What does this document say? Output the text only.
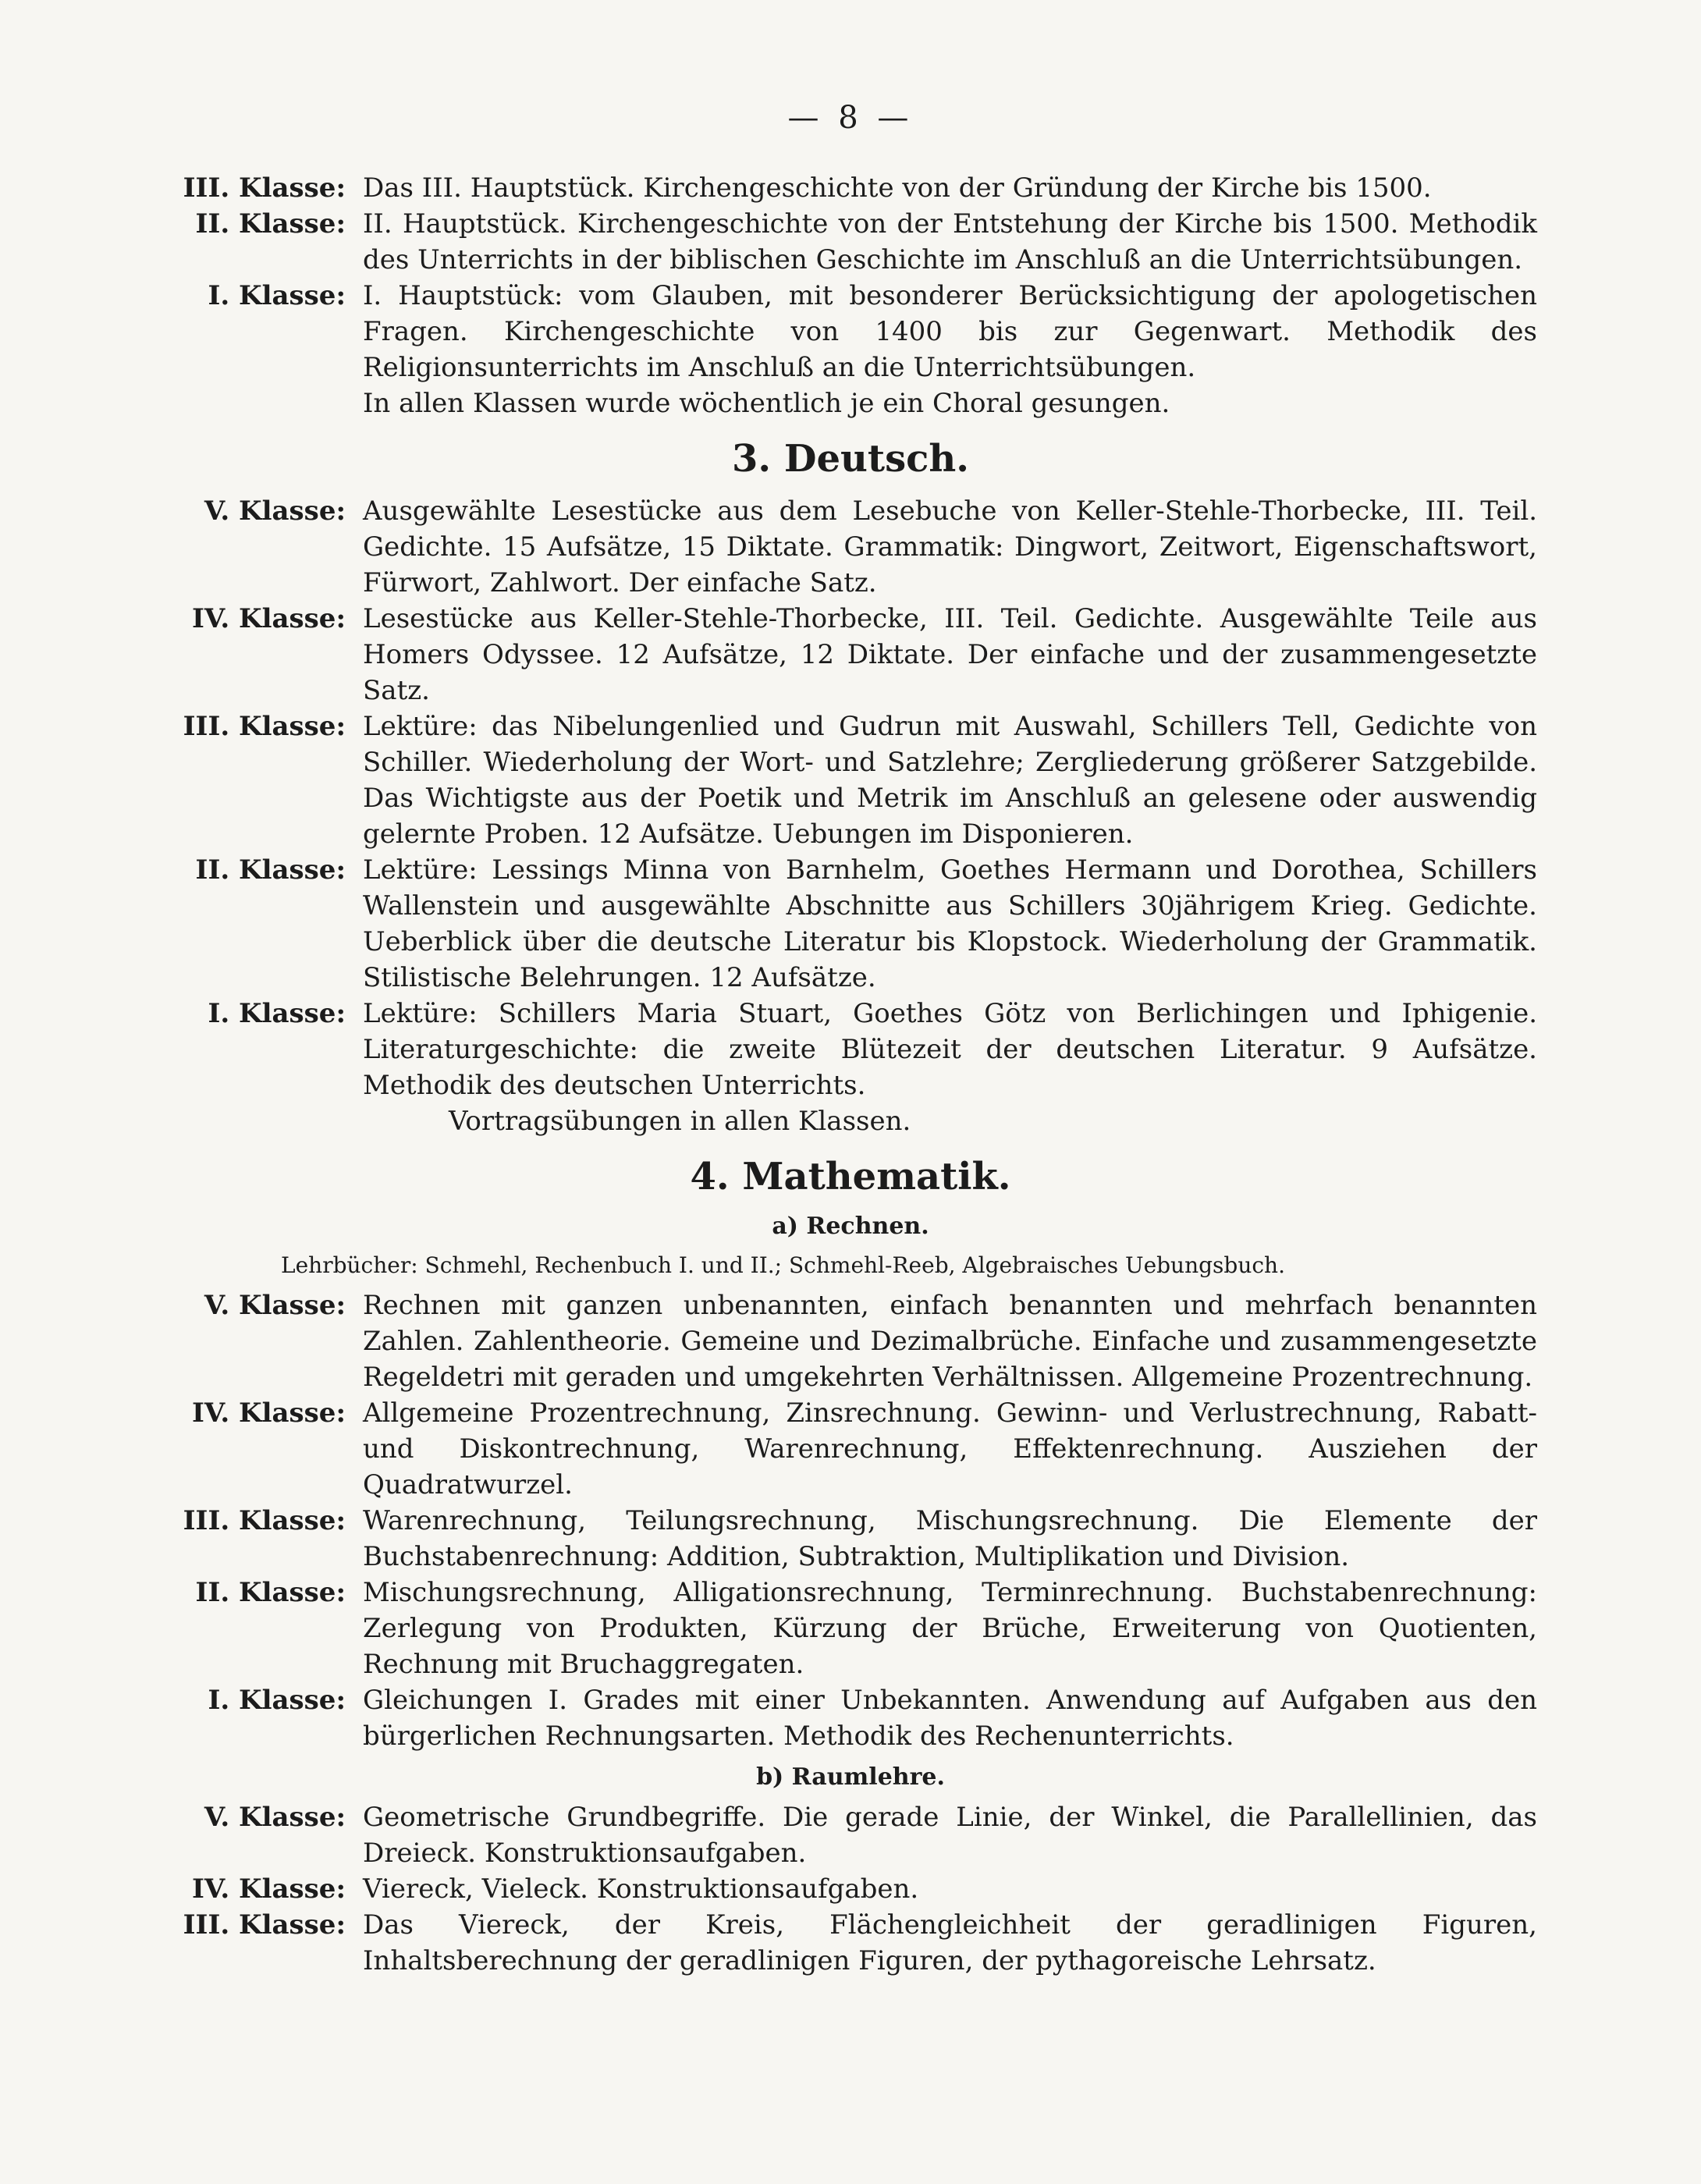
— 8 —
III. Klasse: Das III. Hauptstück. Kirchengeschichte von der Gründung der Kirche bis 1500.

II. Klasse: II. Hauptstück. Kirchengeschichte von der Entstehung der Kirche bis 1500. Methodik des Unterrichts in der biblischen Geschichte im Anschluß an die Unterrichtsübungen.

I. Klasse: I. Hauptstück: vom Glauben, mit besonderer Berücksichtigung der apologetischen Fragen. Kirchengeschichte von 1400 bis zur Gegenwart. Methodik des Religionsunterrichts im Anschluß an die Unterrichtsübungen.

In allen Klassen wurde wöchentlich je ein Choral gesungen.
3. Deutsch.
V. Klasse: Ausgewählte Lesestücke aus dem Lesebuche von Keller-Stehle-Thorbecke, III. Teil. Gedichte. 15 Aufsätze, 15 Diktate. Grammatik: Dingwort, Zeitwort, Eigenschaftswort, Fürwort, Zahlwort. Der einfache Satz.

IV. Klasse: Lesestücke aus Keller-Stehle-Thorbecke, III. Teil. Gedichte. Ausgewählte Teile aus Homers Odyssee. 12 Aufsätze, 12 Diktate. Der einfache und der zusammengesetzte Satz.

III. Klasse: Lektüre: das Nibelungenlied und Gudrun mit Auswahl, Schillers Tell, Gedichte von Schiller. Wiederholung der Wort- und Satzlehre; Zergliederung größerer Satzgebilde. Das Wichtigste aus der Poetik und Metrik im Anschluß an gelesene oder auswendig gelernte Proben. 12 Aufsätze. Uebungen im Disponieren.

II. Klasse: Lektüre: Lessings Minna von Barnhelm, Goethes Hermann und Dorothea, Schillers Wallenstein und ausgewählte Abschnitte aus Schillers 30jährigem Krieg. Gedichte. Ueberblick über die deutsche Literatur bis Klopstock. Wiederholung der Grammatik. Stilistische Belehrungen. 12 Aufsätze.

I. Klasse: Lektüre: Schillers Maria Stuart, Goethes Götz von Berlichingen und Iphigenie. Literaturgeschichte: die zweite Blütezeit der deutschen Literatur. 9 Aufsätze. Methodik des deutschen Unterrichts.

Vortragsübungen in allen Klassen.
4. Mathematik.
a) Rechnen.
Lehrbücher: Schmehl, Rechenbuch I. und II.; Schmehl-Reeb, Algebraisches Uebungsbuch.
V. Klasse: Rechnen mit ganzen unbenannten, einfach benannten und mehrfach benannten Zahlen. Zahlentheorie. Gemeine und Dezimalbrüche. Einfache und zusammengesetzte Regeldetri mit geraden und umgekehrten Verhältnissen. Allgemeine Prozentrechnung.

IV. Klasse: Allgemeine Prozentrechnung, Zinsrechnung. Gewinn- und Verlustrechnung, Rabatt- und Diskontrechnung, Warenrechnung, Effektenrechnung. Ausziehen der Quadratwurzel.

III. Klasse: Warenrechnung, Teilungsrechnung, Mischungsrechnung. Die Elemente der Buchstabenrechnung: Addition, Subtraktion, Multiplikation und Division.

II. Klasse: Mischungsrechnung, Alligationsrechnung, Terminrechnung. Buchstabenrechnung: Zerlegung von Produkten, Kürzung der Brüche, Erweiterung von Quotienten, Rechnung mit Bruchaggregaten.

I. Klasse: Gleichungen I. Grades mit einer Unbekannten. Anwendung auf Aufgaben aus den bürgerlichen Rechnungsarten. Methodik des Rechenunterrichts.

b) Raumlehre.
V. Klasse: Geometrische Grundbegriffe. Die gerade Linie, der Winkel, die Parallellinien, das Dreieck. Konstruktionsaufgaben.

IV. Klasse: Viereck, Vieleck. Konstruktionsaufgaben.

III. Klasse: Das Viereck, der Kreis, Flächengleichheit der geradlinigen Figuren, Inhaltsberechnung der geradlinigen Figuren, der pythagoreische Lehrsatz.
